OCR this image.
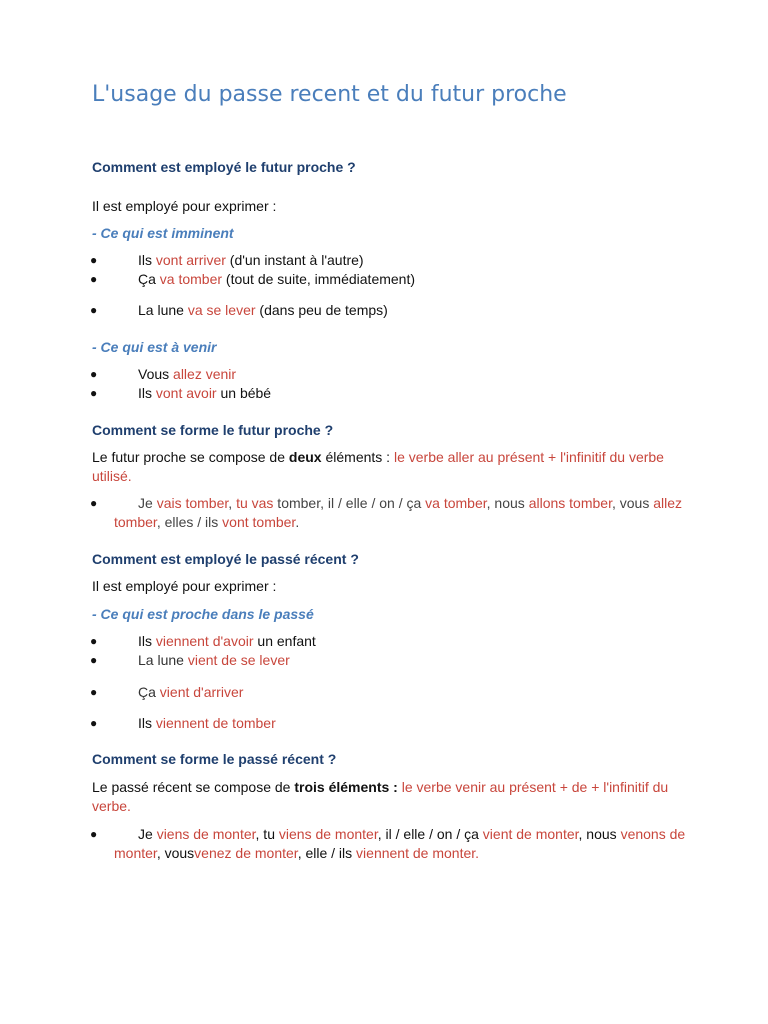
L'usage du passe recent et du futur proche
Comment est employé le futur proche ?

Il est employé pour exprimer :

- Ce qui est imminent

●	Ils vont arriver (d'un instant à l'autre)
●	Ça va tomber (tout de suite, immédiatement)
●	La lune va se lever (dans peu de temps)

- Ce qui est à venir

●	Vous allez venir
●	Ils vont avoir un bébé
Comment se forme le futur proche ?

Le futur proche se compose de deux éléments : le verbe aller au présent + l'infinitif du verbe utilisé.

●	Je vais tomber, tu vas tomber, il / elle / on / ça va tomber, nous allons tomber, vous allez tomber, elles / ils vont tomber.
Comment est employé le passé récent ?

Il est employé pour exprimer :

- Ce qui est proche dans le passé

●	Ils viennent d'avoir un enfant
●	La lune vient de se lever
●	Ça vient d'arriver
●	Ils viennent de tomber
Comment se forme le passé récent ?

Le passé récent se compose de trois éléments : le verbe venir au présent + de + l'infinitif du verbe.

●	Je viens de monter, tu viens de monter, il / elle / on / ça vient de monter, nous venons de monter, vousvenez de monter, elle / ils viennent de monter.
